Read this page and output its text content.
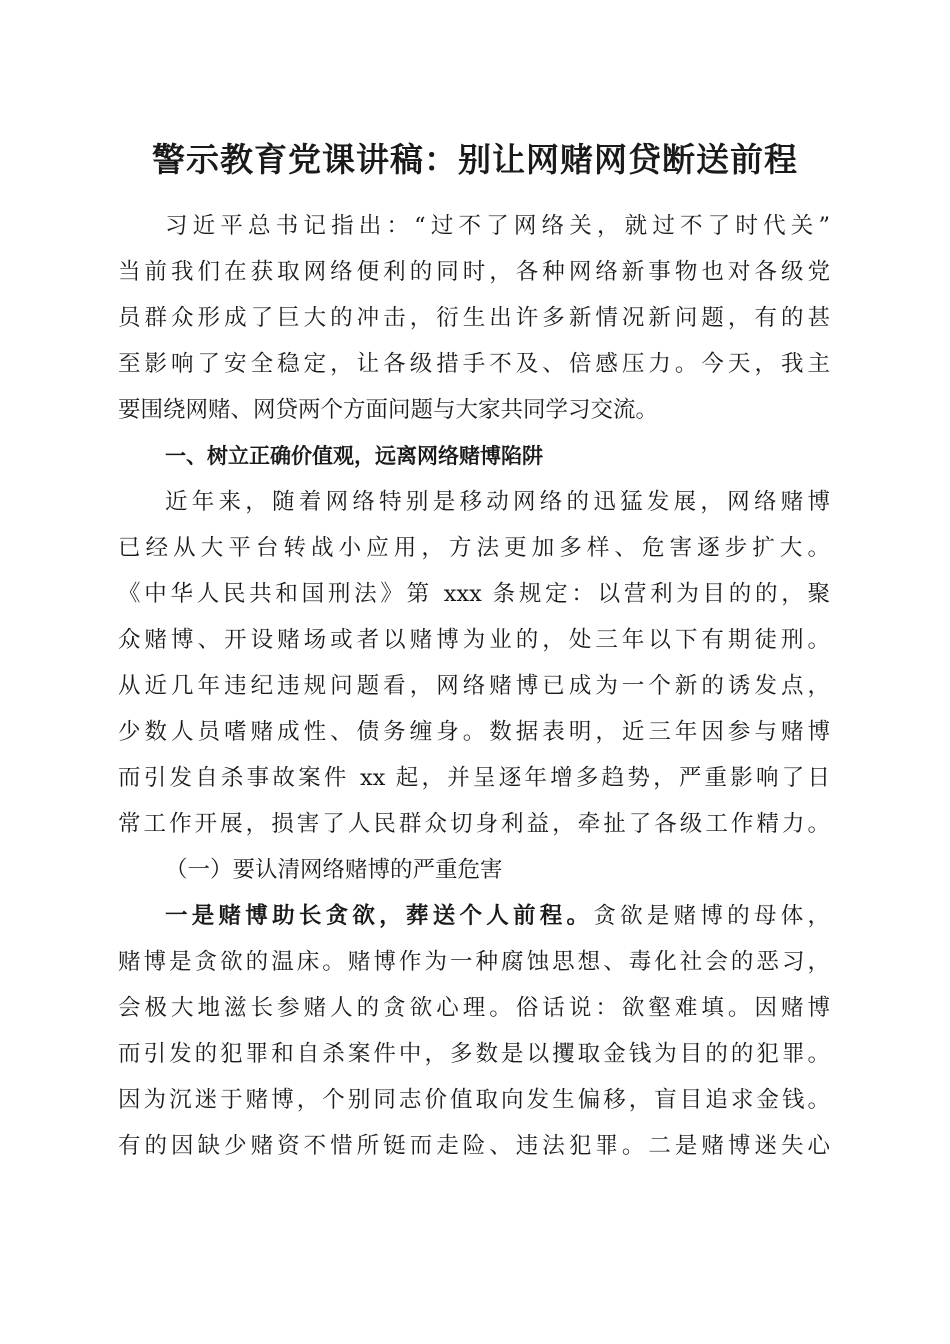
警示教育党课讲稿：别让网赌网贷断送前程
习近平总书记指出：“过不了网络关，就过不了时代关”
当前我们在获取网络便利的同时，各种网络新事物也对各级党
员群众形成了巨大的冲击，衍生出许多新情况新问题，有的甚
至影响了安全稳定，让各级措手不及、倍感压力。今天，我主
要围绕网赌、网贷两个方面问题与大家共同学习交流。
一、树立正确价值观，远离网络赌博陷阱
近年来，随着网络特别是移动网络的迅猛发展，网络赌博
已经从大平台转战小应用，方法更加多样、危害逐步扩大。
《中华人民共和国刑法》第 xxx 条规定：以营利为目的的，聚
众赌博、开设赌场或者以赌博为业的，处三年以下有期徒刑。
从近几年违纪违规问题看，网络赌博已成为一个新的诱发点，
少数人员嗜赌成性、债务缠身。数据表明，近三年因参与赌博
而引发自杀事故案件 xx 起，并呈逐年增多趋势，严重影响了日
常工作开展，损害了人民群众切身利益，牵扯了各级工作精力。
（一）要认清网络赌博的严重危害
一是赌博助长贪欲，葬送个人前程。贪欲是赌博的母体，
赌博是贪欲的温床。赌博作为一种腐蚀思想、毒化社会的恶习，
会极大地滋长参赌人的贪欲心理。俗话说：欲壑难填。因赌博
而引发的犯罪和自杀案件中，多数是以攫取金钱为目的的犯罪。
因为沉迷于赌博，个别同志价值取向发生偏移，盲目追求金钱。
有的因缺少赌资不惜所铤而走险、违法犯罪。二是赌博迷失心
